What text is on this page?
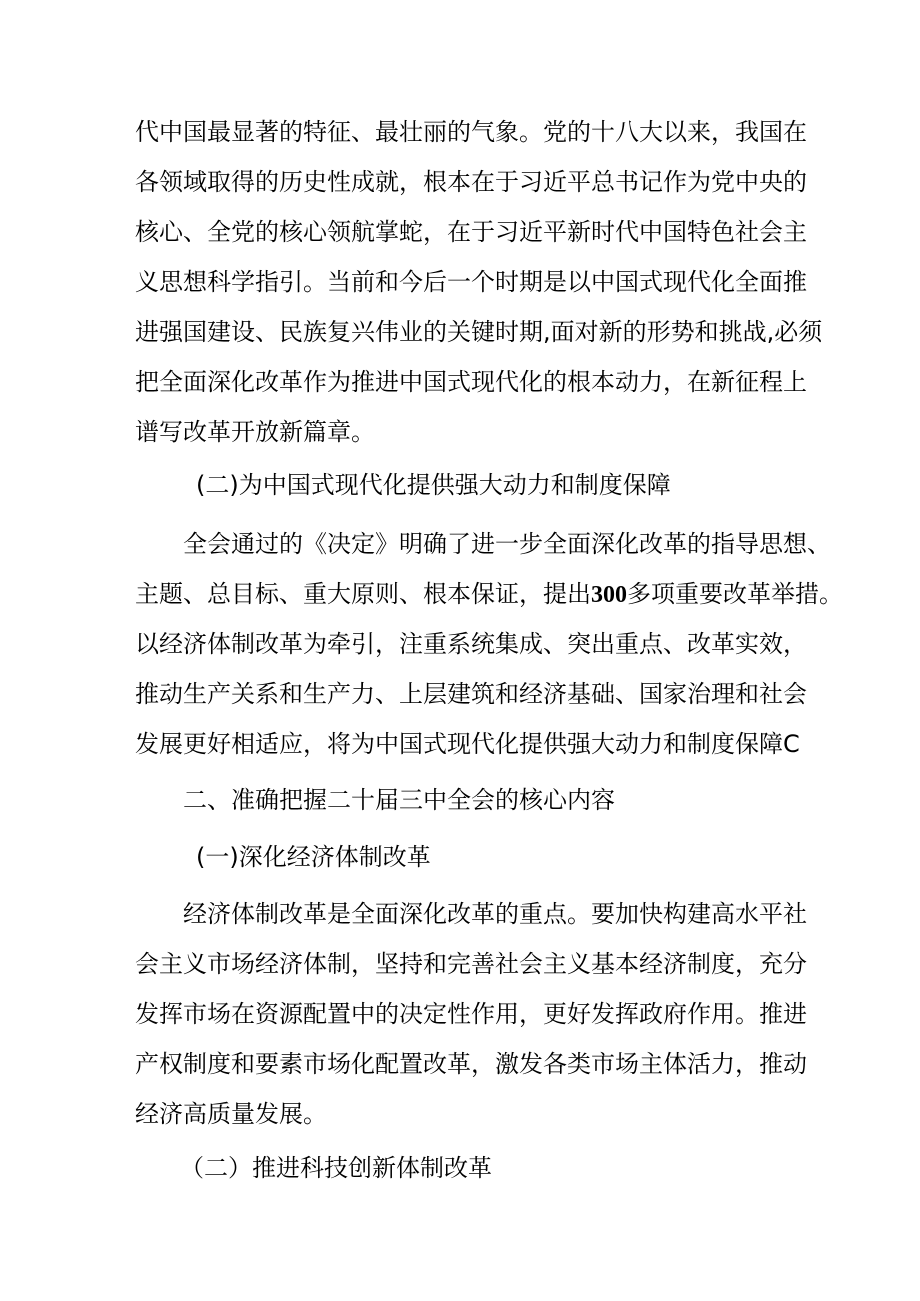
代中国最显著的特征、最壮丽的气象。党的十八大以来，我国在
各领域取得的历史性成就，根本在于习近平总书记作为党中央的
核心、全党的核心领航掌蛇，在于习近平新时代中国特色社会主
义思想科学指引。当前和今后一个时期是以中国式现代化全面推
进强国建设、民族复兴伟业的关键时期,面对新的形势和挑战,必须
把全面深化改革作为推进中国式现代化的根本动力，在新征程上
谱写改革开放新篇章。
(二)为中国式现代化提供强大动力和制度保障
全会通过的《决定》明确了进一步全面深化改革的指导思想、
主题、总目标、重大原则、根本保证，提出300多项重要改革举措。
以经济体制改革为牵引，注重系统集成、突出重点、改革实效，
推动生产关系和生产力、上层建筑和经济基础、国家治理和社会
发展更好相适应，将为中国式现代化提供强大动力和制度保障C
二、准确把握二十届三中全会的核心内容
(一)深化经济体制改革
经济体制改革是全面深化改革的重点。要加快构建高水平社
会主义市场经济体制，坚持和完善社会主义基本经济制度，充分
发挥市场在资源配置中的决定性作用，更好发挥政府作用。推进
产权制度和要素市场化配置改革，激发各类市场主体活力，推动
经济高质量发展。
（二）推进科技创新体制改革
